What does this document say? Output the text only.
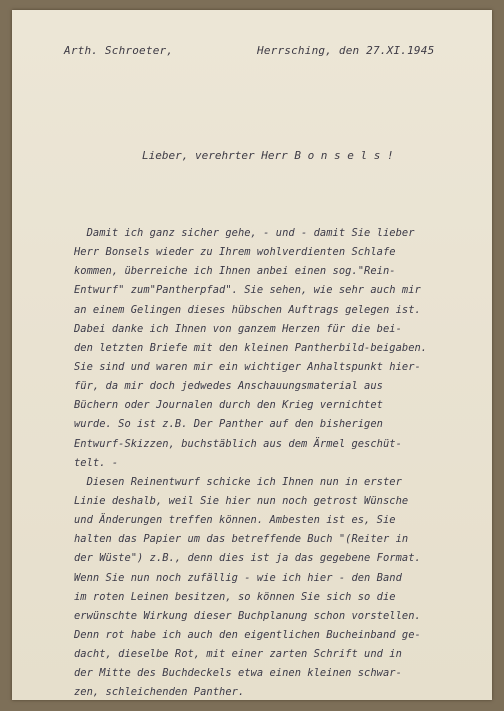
Arth. Schroeter,	Herrsching, den 27.XI.1945
Lieber, verehrter Herr B o n s e l s !
Damit ich ganz sicher gehe, - und - damit Sie lieber
Herr Bonsels wieder zu Ihrem wohlverdienten Schlafe
kommen, überreiche ich Ihnen anbei einen sog."Rein-
Entwurf" zum"Pantherpfad". Sie sehen, wie sehr auch mir
an einem Gelingen dieses hübschen Auftrags gelegen ist.
Dabei danke ich Ihnen von ganzem Herzen für die bei-
den letzten Briefe mit den kleinen Pantherbild-beigaben.
Sie sind und waren mir ein wichtiger Anhaltspunkt hier-
für, da mir doch jedwedes Anschauungsmaterial aus
Büchern oder Journalen durch den Krieg vernichtet
wurde. So ist z.B. Der Panther auf den bisherigen
Entwurf-Skizzen, buchstäblich aus dem Ärmel geschüt-
telt. -
Diesen Reinentwurf schicke ich Ihnen nun in erster
Linie deshalb, weil Sie hier nun noch getrost Wünsche
und Änderungen treffen können. Ambesten ist es, Sie
halten das Papier um das betreffende Buch "(Reiter in
der Wüste") z.B., denn dies ist ja das gegebene Format.
Wenn Sie nun noch zufällig - wie ich hier - den Band
im roten Leinen besitzen, so können Sie sich so die
erwünschte Wirkung dieser Buchplanung schon vorstellen.
Denn rot habe ich auch den eigentlichen Bucheinband ge-
dacht, dieselbe Rot, mit einer zarten Schrift und in
der Mitte des Buchdeckels etwa einen kleinen schwar-
zen, schleichenden Panther.
